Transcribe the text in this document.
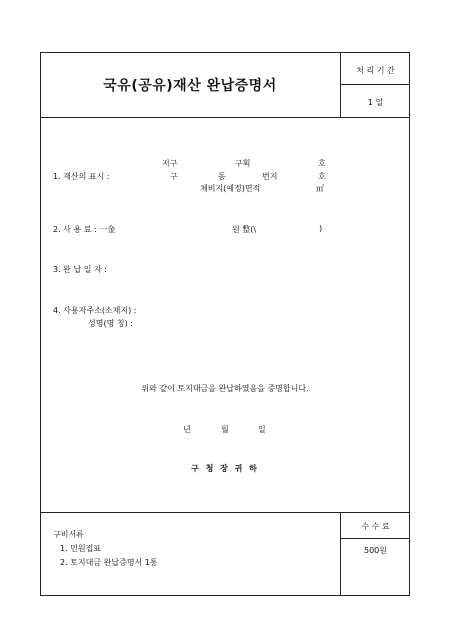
국유(공유)재산 완납증명서
처 리 기 간
1 일
지구	구획	호
1. 재산의 표시 :	구	동	번지	호
체비지(예정)면적	㎡
2. 사 용 료 : 一金	원 整(\	)
3. 완 납 일 자 :
4. 사용자주소(소재지) :
성명(명 칭) :
위와 같이 토지대금을 완납하였음을 증명합니다.
년	월	일
구 청 장 귀 하
구비서류
1. 민원접표
2. 토지대금 완납증명서 1통
수 수 료
500원
